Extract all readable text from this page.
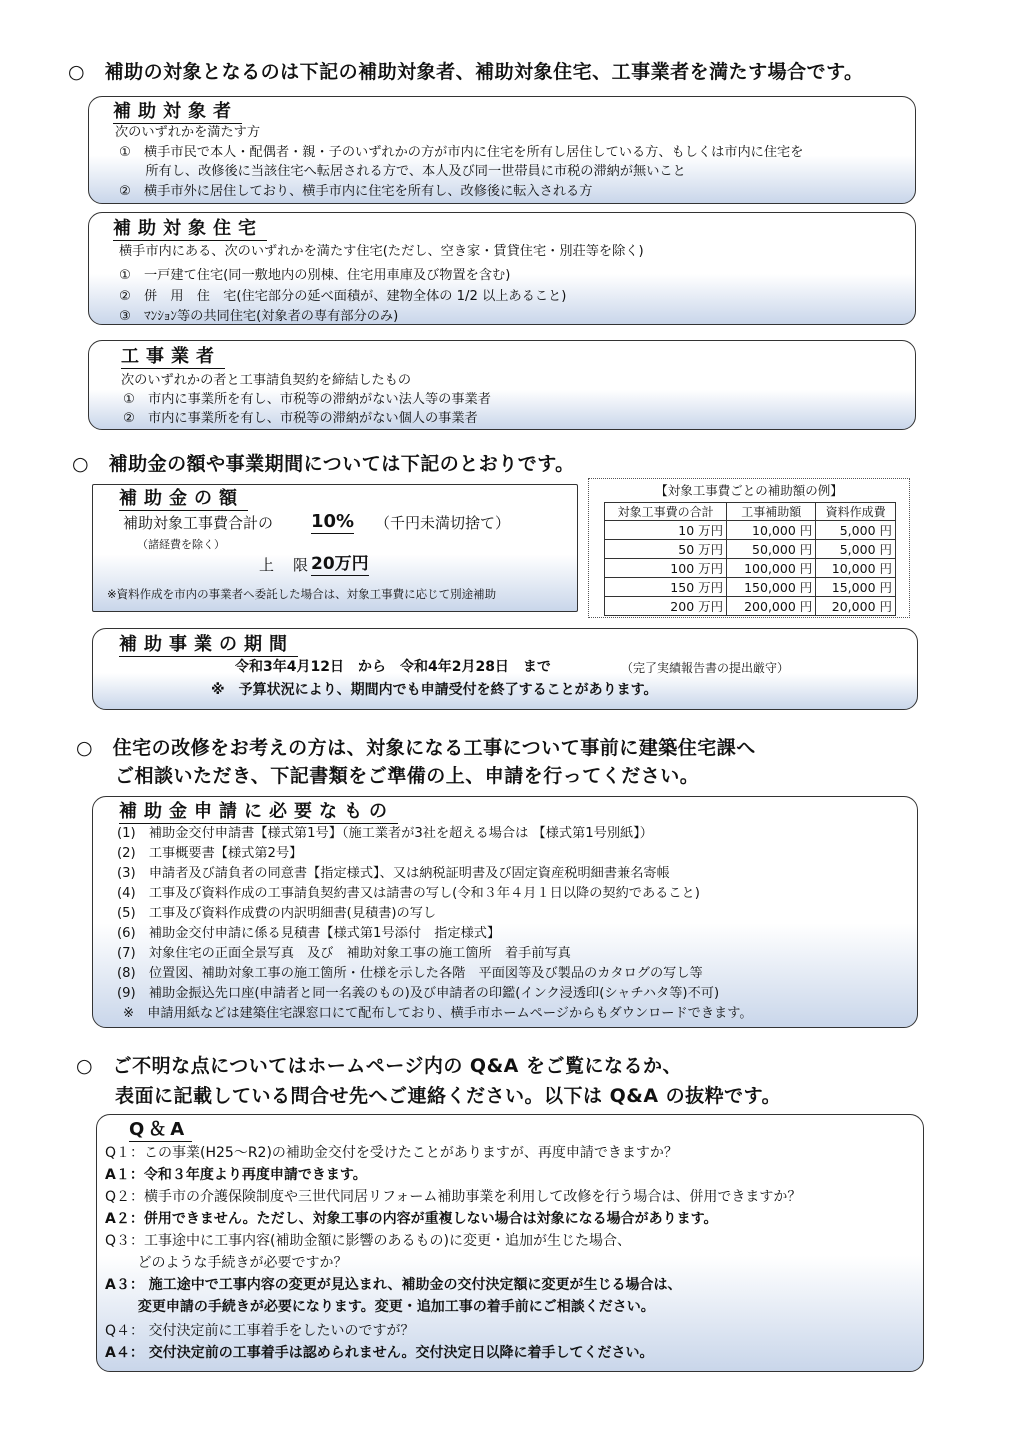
○　補助の対象となるのは下記の補助対象者、補助対象住宅、工事業者を満たす場合です。
補助対象者
次のいずれかを満たす方
①　横手市民で本人・配偶者・親・子のいずれかの方が市内に住宅を所有し居住している方、もしくは市内に住宅を
　　所有し、改修後に当該住宅へ転居される方で、本人及び同一世帯員に市税の滞納が無いこと
②　横手市外に居住しており、横手市内に住宅を所有し、改修後に転入される方
補助対象住宅
横手市内にある、次のいずれかを満たす住宅(ただし、空き家・賃貸住宅・別荘等を除く)
①　一戸建て住宅(同一敷地内の別棟、住宅用車庫及び物置を含む)
②　併　用　住　宅(住宅部分の延べ面積が、建物全体の 1/2 以上あること)
③　ﾏﾝｼｮﾝ等の共同住宅(対象者の専有部分のみ)
工事業者
次のいずれかの者と工事請負契約を締結したもの
①　市内に事業所を有し、市税等の滞納がない法人等の事業者
②　市内に事業所を有し、市税等の滞納がない個人の事業者
○　補助金の額や事業期間については下記のとおりです。
補助金の額
補助対象工事費合計の 10% （千円未満切捨て）
（諸経費を除く）
上　限 20万円
※資料作成を市内の事業者へ委託した場合は、対象工事費に応じて別途補助
【対象工事費ごとの補助額の例】
対象工事費の合計	工事補助額	資料作成費
10 万円	10,000 円	5,000 円
50 万円	50,000 円	5,000 円
100 万円	100,000 円	10,000 円
150 万円	150,000 円	15,000 円
200 万円	200,000 円	20,000 円
補助事業の期間
令和3年4月12日　から　令和4年2月28日　まで	（完了実績報告書の提出厳守）
※　予算状況により、期間内でも申請受付を終了することがあります。
○　住宅の改修をお考えの方は、対象になる工事について事前に建築住宅課へ
　　ご相談いただき、下記書類をご準備の上、申請を行ってください。
補助金申請に必要なもの
(1)　補助金交付申請書【様式第1号】（施工業者が3社を超える場合は 【様式第1号別紙】）
(2)　工事概要書【様式第2号】
(3)　申請者及び請負者の同意書【指定様式】、又は納税証明書及び固定資産税明細書兼名寄帳
(4)　工事及び資料作成の工事請負契約書又は請書の写し(令和３年４月１日以降の契約であること)
(5)　工事及び資料作成費の内訳明細書(見積書)の写し
(6)　補助金交付申請に係る見積書【様式第1号添付　指定様式】
(7)　対象住宅の正面全景写真　及び　補助対象工事の施工箇所　着手前写真
(8)　位置図、補助対象工事の施工箇所・仕様を示した各階　平面図等及び製品のカタログの写し等
(9)　補助金振込先口座(申請者と同一名義のもの)及び申請者の印鑑(インク浸透印(シャチハタ等)不可)
※　申請用紙などは建築住宅課窓口にて配布しており、横手市ホームページからもダウンロードできます。
○　ご不明な点についてはホームページ内の Q&A をご覧になるか、
　　表面に記載している問合せ先へご連絡ください。以下は Q&A の抜粋です。
Q＆A
Q１：この事業(H25～R2)の補助金交付を受けたことがありますが、再度申請できますか？
A１：令和３年度より再度申請できます。
Q２：横手市の介護保険制度や三世代同居リフォーム補助事業を利用して改修を行う場合は、併用できますか？
A２：併用できません。ただし、対象工事の内容が重複しない場合は対象になる場合があります。
Q３：工事途中に工事内容(補助金額に影響のあるもの)に変更・追加が生じた場合、
　　 どのような手続きが必要ですか？
A３： 施工途中で工事内容の変更が見込まれ、補助金の交付決定額に変更が生じる場合は、
　　 変更申請の手続きが必要になります。変更・追加工事の着手前にご相談ください。
Q４： 交付決定前に工事着手をしたいのですが？
A４： 交付決定前の工事着手は認められません。交付決定日以降に着手してください。
